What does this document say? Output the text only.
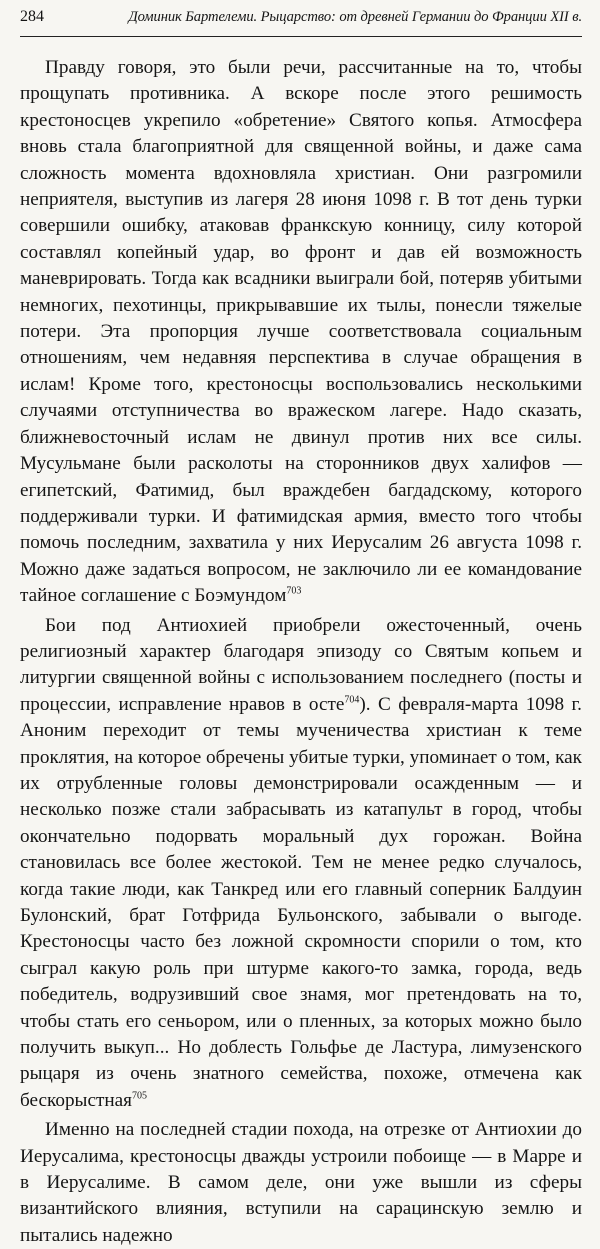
284	Доминик Бартелеми. Рыцарство: от древней Германии до Франции XII в.

Правду говоря, это были речи, рассчитанные на то, чтобы прощупать противника. А вскоре после этого решимость крестоносцев укрепило «обретение» Святого копья. Атмосфера вновь стала благоприятной для священной войны, и даже сама сложность момента вдохновляла христиан. Они разгромили неприятеля, выступив из лагеря 28 июня 1098 г. В тот день турки совершили ошибку, атаковав франкскую конницу, силу которой составлял копейный удар, во фронт и дав ей возможность маневрировать. Тогда как всадники выиграли бой, потеряв убитыми немногих, пехотинцы, прикрывавшие их тылы, понесли тяжелые потери. Эта пропорция лучше соответствовала социальным отношениям, чем недавняя перспектива в случае обращения в ислам! Кроме того, крестоносцы воспользовались несколькими случаями отступничества во вражеском лагере. Надо сказать, ближневосточный ислам не двинул против них все силы. Мусульмане были расколоты на сторонников двух халифов — египетский, Фатимид, был враждебен багдадскому, которого поддерживали турки. И фатимидская армия, вместо того чтобы помочь последним, захватила у них Иерусалим 26 августа 1098 г. Можно даже задаться вопросом, не заключило ли ее командование тайное соглашение с Боэмундом$^{703}$

Бои под Антиохией приобрели ожесточенный, очень религиозный характер благодаря эпизоду со Святым копьем и литургии священной войны с использованием последнего (посты и процессии, исправление нравов в осте$^{704}$). С февраля-марта 1098 г. Аноним переходит от темы мученичества христиан к теме проклятия, на которое обречены убитые турки, упоминает о том, как их отрубленные головы демонстрировали осажденным — и несколько позже стали забрасывать из катапульт в город, чтобы окончательно подорвать моральный дух горожан. Война становилась все более жестокой. Тем не менее редко случалось, когда такие люди, как Танкред или его главный соперник Балдуин Булонский, брат Готфрида Бульонского, забывали о выгоде. Крестоносцы часто без ложной скромности спорили о том, кто сыграл какую роль при штурме какого-то замка, города, ведь победитель, водрузивший свое знамя, мог претендовать на то, чтобы стать его сеньором, или о пленных, за которых можно было получить выкуп... Но доблесть Гольфье де Ластура, лимузенского рыцаря из очень знатного семейства, похоже, отмечена как бескорыстная$^{705}$

Именно на последней стадии похода, на отрезке от Антиохии до Иерусалима, крестоносцы дважды устроили побоище — в Марре и в Иерусалиме. В самом деле, они уже вышли из сферы византийского влияния, вступили на сарацинскую землю и пытались надежно
